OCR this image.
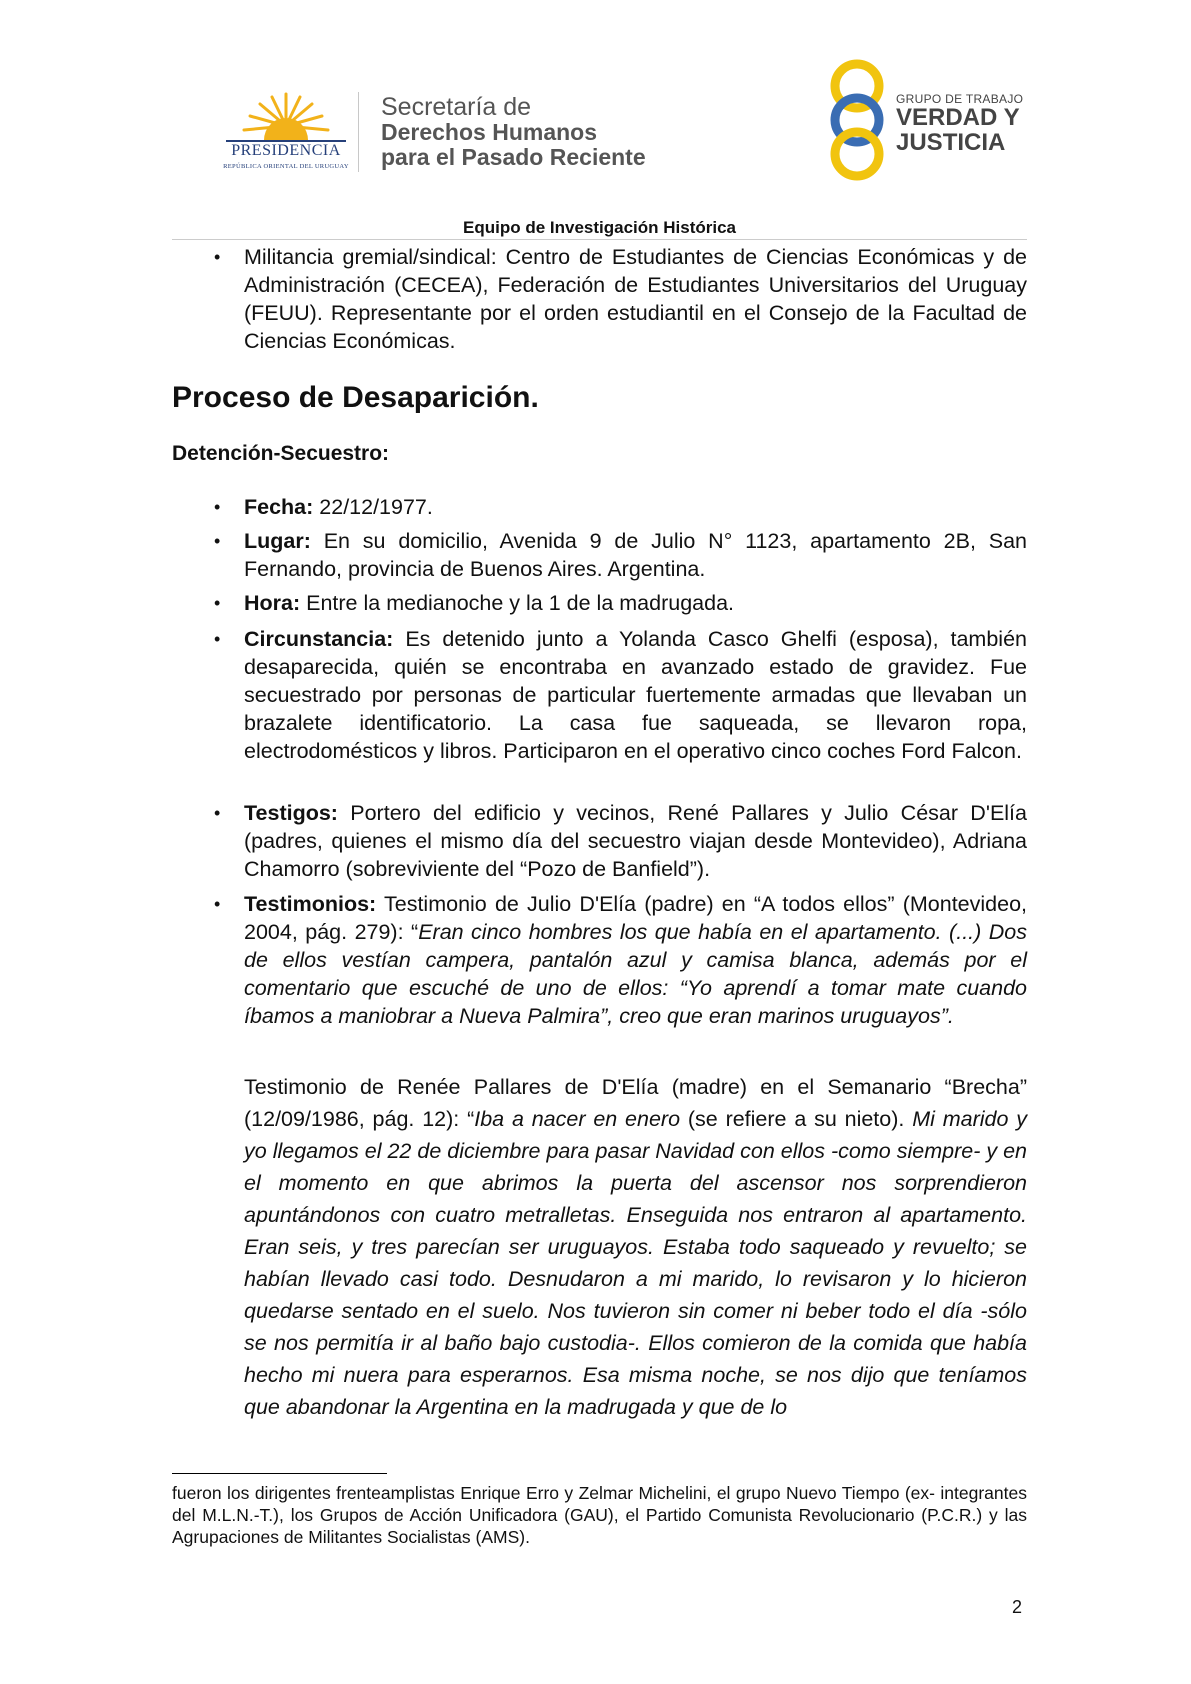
PRESIDENCIA
REPÚBLICA ORIENTAL DEL URUGUAY
Secretaría de
Derechos Humanos
para el Pasado Reciente
GRUPO DE TRABAJO
VERDAD Y
JUSTICIA
Equipo de Investigación Histórica
• Militancia gremial/sindical: Centro de Estudiantes de Ciencias Económicas y de Administración (CECEA), Federación de Estudiantes Universitarios del Uruguay (FEUU). Representante por el orden estudiantil en el Consejo de la Facultad de Ciencias Económicas.
Proceso de Desaparición.
Detención-Secuestro:
• Fecha: 22/12/1977.
• Lugar: En su domicilio, Avenida 9 de Julio N° 1123, apartamento 2B, San Fernando, provincia de Buenos Aires. Argentina.
• Hora: Entre la medianoche y la 1 de la madrugada.
• Circunstancia: Es detenido junto a Yolanda Casco Ghelfi (esposa), también desaparecida, quién se encontraba en avanzado estado de gravidez. Fue secuestrado por personas de particular fuertemente armadas que llevaban un brazalete identificatorio. La casa fue saqueada, se llevaron ropa, electrodomésticos y libros. Participaron en el operativo cinco coches Ford Falcon.
• Testigos: Portero del edificio y vecinos, René Pallares y Julio César D'Elía (padres, quienes el mismo día del secuestro viajan desde Montevideo), Adriana Chamorro (sobreviviente del “Pozo de Banfield”).
• Testimonios: Testimonio de Julio D'Elía (padre) en “A todos ellos” (Montevideo, 2004, pág. 279): “Eran cinco hombres los que había en el apartamento. (...) Dos de ellos vestían campera, pantalón azul y camisa blanca, además por el comentario que escuché de uno de ellos: “Yo aprendí a tomar mate cuando íbamos a maniobrar a Nueva Palmira”, creo que eran marinos uruguayos”.
Testimonio de Renée Pallares de D'Elía (madre) en el Semanario “Brecha” (12/09/1986, pág. 12): “Iba a nacer en enero (se refiere a su nieto). Mi marido y yo llegamos el 22 de diciembre para pasar Navidad con ellos -como siempre- y en el momento en que abrimos la puerta del ascensor nos sorprendieron apuntándonos con cuatro metralletas. Enseguida nos entraron al apartamento. Eran seis, y tres parecían ser uruguayos. Estaba todo saqueado y revuelto; se habían llevado casi todo. Desnudaron a mi marido, lo revisaron y lo hicieron quedarse sentado en el suelo. Nos tuvieron sin comer ni beber todo el día -sólo se nos permitía ir al baño bajo custodia-. Ellos comieron de la comida que había hecho mi nuera para esperarnos. Esa misma noche, se nos dijo que teníamos que abandonar la Argentina en la madrugada y que de lo
fueron los dirigentes frenteamplistas Enrique Erro y Zelmar Michelini, el grupo Nuevo Tiempo (ex- integrantes del M.L.N.-T.), los Grupos de Acción Unificadora (GAU), el Partido Comunista Revolucionario (P.C.R.) y las Agrupaciones de Militantes Socialistas (AMS).
2
